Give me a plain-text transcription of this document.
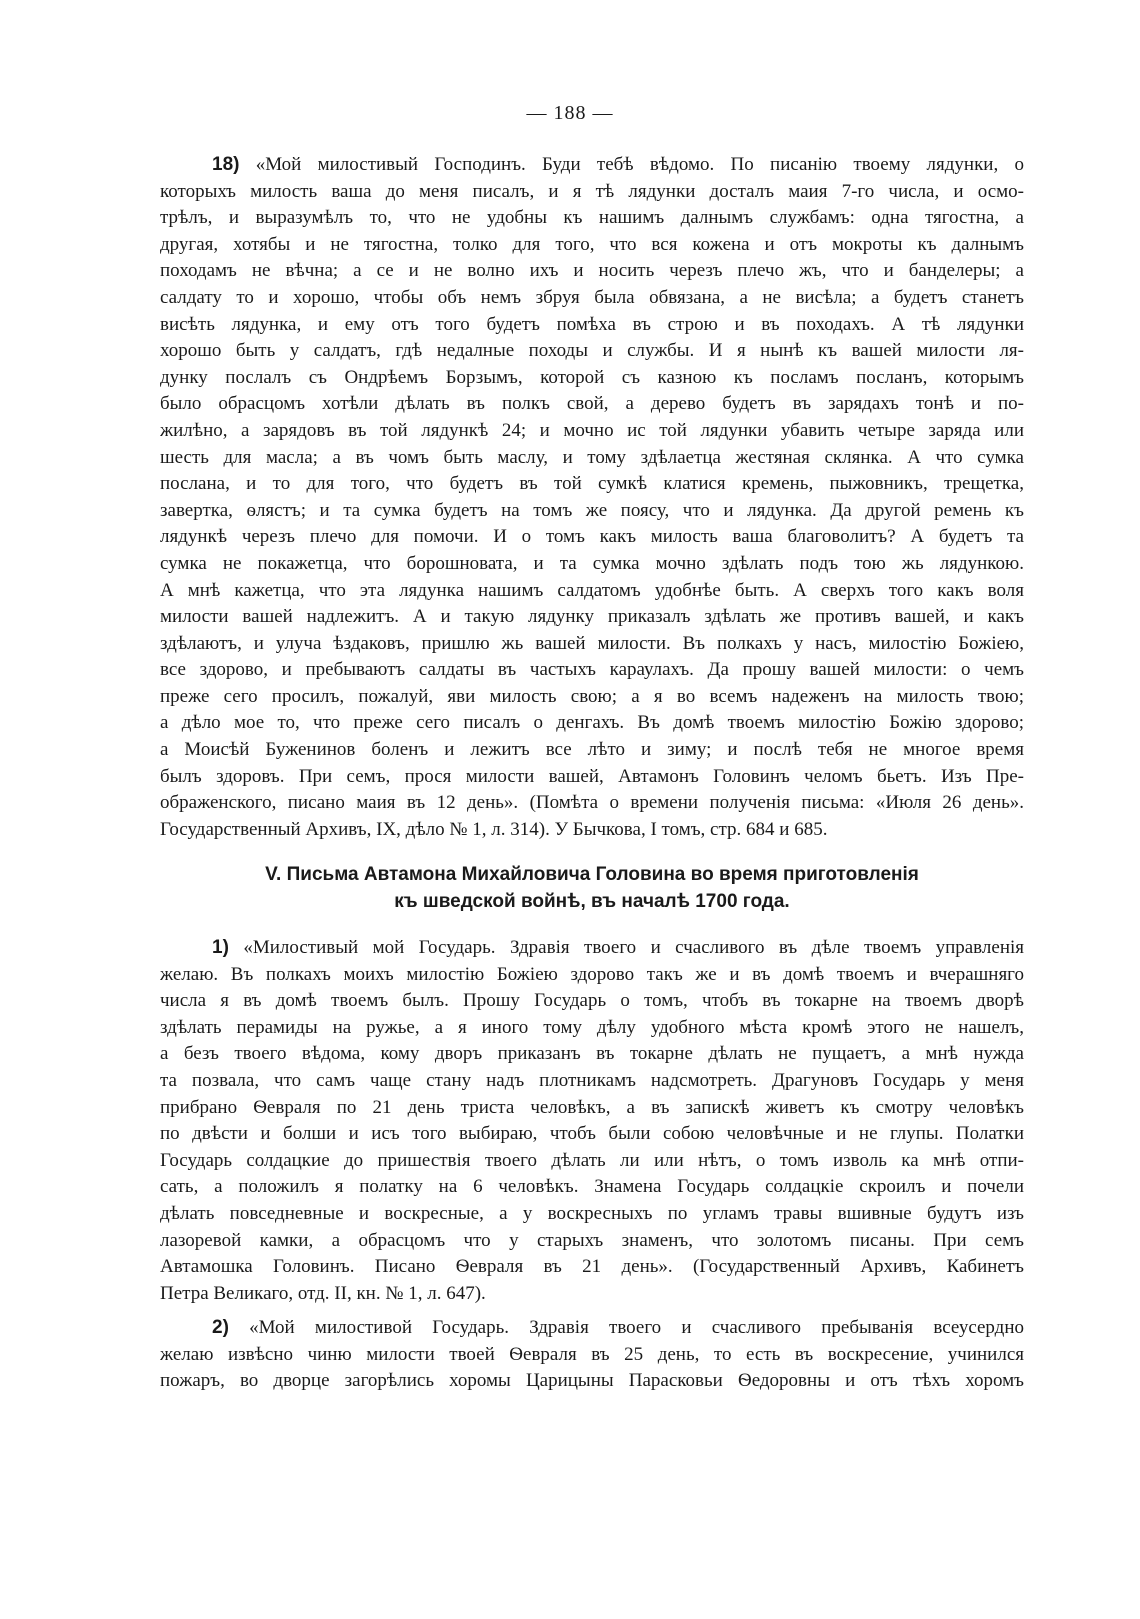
— 188 —
18) «Мой милостивый Господинъ. Буди тебѣ вѣдомо. По писанію твоему лядунки, о
которыхъ милость ваша до меня писалъ, и я тѣ лядунки досталъ маия 7-го числа, и осмо-
трѣлъ, и выразумѣлъ то, что не удобны къ нашимъ далнымъ службамъ: одна тягостна, а
другая, хотябы и не тягостна, толко для того, что вся кожена и отъ мокроты къ далнымъ
походамъ не вѣчна; а се и не волно ихъ и носить черезъ плечо жъ, что и банделеры; а
салдату то и хорошо, чтобы объ немъ збруя была обвязана, а не висѣла; а будетъ станетъ
висѣть лядунка, и ему отъ того будетъ помѣха въ строю и въ походахъ. А тѣ лядунки
хорошо быть у салдатъ, гдѣ недалные походы и службы. И я нынѣ къ вашей милости ля-
дунку послалъ съ Ондрѣемъ Борзымъ, которой съ казною къ посламъ посланъ, которымъ
было обрасцомъ хотѣли дѣлать въ полкъ свой, а дерево будетъ въ зарядахъ тонѣ и по-
жилѣно, а зарядовъ въ той лядункѣ 24; и мочно ис той лядунки убавить четыре заряда или
шесть для масла; а въ чомъ быть маслу, и тому здѣлаетца жестяная склянка. А что сумка
послана, и то для того, что будетъ въ той сумкѣ клатися кремень, пыжовникъ, трещетка,
завертка, ѳлястъ; и та сумка будетъ на томъ же поясу, что и лядунка. Да другой ремень къ
лядункѣ черезъ плечо для помочи. И о томъ какъ милость ваша благоволитъ? А будетъ та
сумка не покажетца, что борошновата, и та сумка мочно здѣлать подъ тою жь лядункою.
А мнѣ кажетца, что эта лядунка нашимъ салдатомъ удобнѣе быть. А сверхъ того какъ воля
милости вашей надлежитъ. А и такую лядунку приказалъ здѣлать же противъ вашей, и какъ
здѣлаютъ, и улуча ѣздаковъ, пришлю жь вашей милости. Въ полкахъ у насъ, милостію Божіею,
все здорово, и пребываютъ салдаты въ частыхъ караулахъ. Да прошу вашей милости: о чемъ
преже сего просилъ, пожалуй, яви милость свою; а я во всемъ надеженъ на милость твою;
а дѣло мое то, что преже сего писалъ о денгахъ. Въ домѣ твоемъ милостію Божію здорово;
а Моисѣй Буженинов боленъ и лежитъ все лѣто и зиму; и послѣ тебя не многое время
былъ здоровъ. При семъ, прося милости вашей, Автамонъ Головинъ челомъ бьетъ. Изъ Пре-
ображенского, писано маия въ 12 день». (Помѣта о времени полученія письма: «Июля 26 день».
Государственный Архивъ, IX, дѣло № 1, л. 314). У Бычкова, I томъ, стр. 684 и 685.
V. Письма Автамона Михайловича Головина во время приготовленія
къ шведской войнѣ, въ началѣ 1700 года.
1) «Милостивый мой Государь. Здравія твоего и счасливого въ дѣле твоемъ управленія
желаю. Въ полкахъ моихъ милостію Божіею здорово такъ же и въ домѣ твоемъ и вчерашняго
числа я въ домѣ твоемъ былъ. Прошу Государь о томъ, чтобъ въ токарне на твоемъ дворѣ
здѣлать перамиды на ружье, а я иного тому дѣлу удобного мѣста кромѣ этого не нашелъ,
а безъ твоего вѣдома, кому дворъ приказанъ въ токарне дѣлать не пущаетъ, а мнѣ нужда
та позвала, что самъ чаще стану надъ плотникамъ надсмотреть. Драгуновъ Государь у меня
прибрано Ѳевраля по 21 день триста человѣкъ, а въ запискѣ живетъ къ смотру человѣкъ
по двѣсти и болши и исъ того выбираю, чтобъ были собою человѣчные и не глупы. Полатки
Государь солдацкие до пришествія твоего дѣлать ли или нѣтъ, о томъ изволь ка мнѣ отпи-
сать, а положилъ я полатку на 6 человѣкъ. Знамена Государь солдацкіе скроилъ и почели
дѣлать повседневные и воскресные, а у воскресныхъ по угламъ травы вшивные будутъ изъ
лазоревой камки, а обрасцомъ что у старыхъ знаменъ, что золотомъ писаны. При семъ
Автамошка Головинъ. Писано Ѳевраля въ 21 день». (Государственный Архивъ, Кабинетъ
Петра Великаго, отд. II, кн. № 1, л. 647).
2) «Мой милостивой Государь. Здравія твоего и счасливого пребыванія всеусердно
желаю извѣсно чиню милости твоей Ѳевраля въ 25 день, то есть въ воскресение, учинился
пожаръ, во дворце загорѣлись хоромы Царицыны Парасковьи Ѳедоровны и отъ тѣхъ хоромъ
